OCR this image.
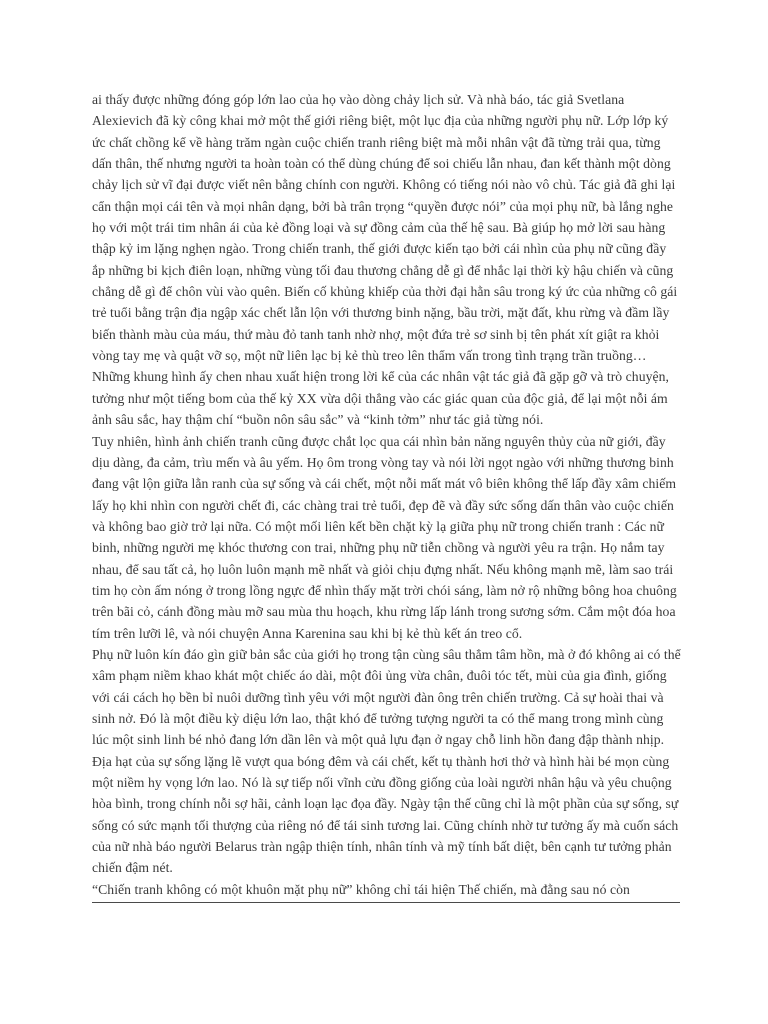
ai thấy được những đóng góp lớn lao của họ vào dòng chảy lịch sử. Và nhà báo, tác giả Svetlana Alexievich đã kỳ công khai mở một thế giới riêng biệt, một lục địa của những người phụ nữ. Lớp lớp ký ức chất chồng kể về hàng trăm ngàn cuộc chiến tranh riêng biệt mà mỗi nhân vật đã từng trải qua, từng dấn thân, thế nhưng người ta hoàn toàn có thể dùng chúng để soi chiếu lẫn nhau, đan kết thành một dòng chảy lịch sử vĩ đại được viết nên bằng chính con người. Không có tiếng nói nào vô chủ. Tác giả đã ghi lại cẩn thận mọi cái tên và mọi nhân dạng, bởi bà trân trọng “quyền được nói” của mọi phụ nữ, bà lắng nghe họ với một trái tim nhân ái của kẻ đồng loại và sự đồng cảm của thế hệ sau. Bà giúp họ mở lời sau hàng thập kỷ im lặng nghẹn ngào. Trong chiến tranh, thế giới được kiến tạo bởi cái nhìn của phụ nữ cũng đầy ắp những bi kịch điên loạn, những vùng tối đau thương chẳng dễ gì để nhắc lại thời kỳ hậu chiến và cũng chẳng dễ gì để chôn vùi vào quên. Biến cố khủng khiếp của thời đại hằn sâu trong ký ức của những cô gái trẻ tuổi bằng trận địa ngập xác chết lẫn lộn với thương binh nặng, bầu trời, mặt đất, khu rừng và đầm lầy biến thành màu của máu, thứ màu đỏ tanh tanh nhờ nhợ, một đứa trẻ sơ sinh bị tên phát xít giật ra khỏi vòng tay mẹ và quật vỡ sọ, một nữ liên lạc bị kẻ thù treo lên thẩm vấn trong tình trạng trần truồng… Những khung hình ấy chen nhau xuất hiện trong lời kể của các nhân vật tác giả đã gặp gỡ và trò chuyện, tưởng như một tiếng bom của thế kỷ XX vừa dội thẳng vào các giác quan của độc giả, để lại một nỗi ám ảnh sâu sắc, hay thậm chí “buồn nôn sâu sắc” và “kinh tởm” như tác giả từng nói.

Tuy nhiên, hình ảnh chiến tranh cũng được chắt lọc qua cái nhìn bản năng nguyên thủy của nữ giới, đầy dịu dàng, đa cảm, trìu mến và âu yếm. Họ ôm trong vòng tay và nói lời ngọt ngào với những thương binh đang vật lộn giữa lằn ranh của sự sống và cái chết, một nỗi mất mát vô biên không thể lấp đầy xâm chiếm lấy họ khi nhìn con người chết đi, các chàng trai trẻ tuổi, đẹp đẽ và đầy sức sống dấn thân vào cuộc chiến và không bao giờ trở lại nữa. Có một mối liên kết bền chặt kỳ lạ giữa phụ nữ trong chiến tranh : Các nữ binh, những người mẹ khóc thương con trai, những phụ nữ tiễn chồng và người yêu ra trận. Họ nắm tay nhau, để sau tất cả, họ luôn luôn mạnh mẽ nhất và giỏi chịu đựng nhất. Nếu không mạnh mẽ, làm sao trái tim họ còn ấm nóng ở trong lồng ngực để nhìn thấy mặt trời chói sáng, làm nở rộ những bông hoa chuông trên bãi cỏ, cánh đồng màu mỡ sau mùa thu hoạch, khu rừng lấp lánh trong sương sớm. Cắm một đóa hoa tím trên lưỡi lê, và nói chuyện Anna Karenina sau khi bị kẻ thù kết án treo cổ.

Phụ nữ luôn kín đáo gìn giữ bản sắc của giới họ trong tận cùng sâu thẳm tâm hồn, mà ở đó không ai có thể xâm phạm niềm khao khát một chiếc áo dài, một đôi ủng vừa chân, đuôi tóc tết, mùi của gia đình, giống với cái cách họ bền bỉ nuôi dưỡng tình yêu với một người đàn ông trên chiến trường. Cả sự hoài thai và sinh nở. Đó là một điều kỳ diệu lớn lao, thật khó để tưởng tượng người ta có thể mang trong mình cùng lúc một sinh linh bé nhỏ đang lớn dần lên và một quả lựu đạn ở ngay chỗ linh hồn đang đập thành nhịp. Địa hạt của sự sống lặng lẽ vượt qua bóng đêm và cái chết, kết tụ thành hơi thở và hình hài bé mọn cùng một niềm hy vọng lớn lao. Nó là sự tiếp nối vĩnh cửu đồng giống của loài người nhân hậu và yêu chuộng hòa bình, trong chính nỗi sợ hãi, cảnh loạn lạc đọa đầy. Ngày tận thế cũng chỉ là một phần của sự sống, sự sống có sức mạnh tối thượng của riêng nó để tái sinh tương lai. Cũng chính nhờ tư tưởng ấy mà cuốn sách của nữ nhà báo người Belarus tràn ngập thiện tính, nhân tính và mỹ tính bất diệt, bên cạnh tư tưởng phản chiến đậm nét.

“Chiến tranh không có một khuôn mặt phụ nữ” không chỉ tái hiện Thế chiến, mà đằng sau nó còn
